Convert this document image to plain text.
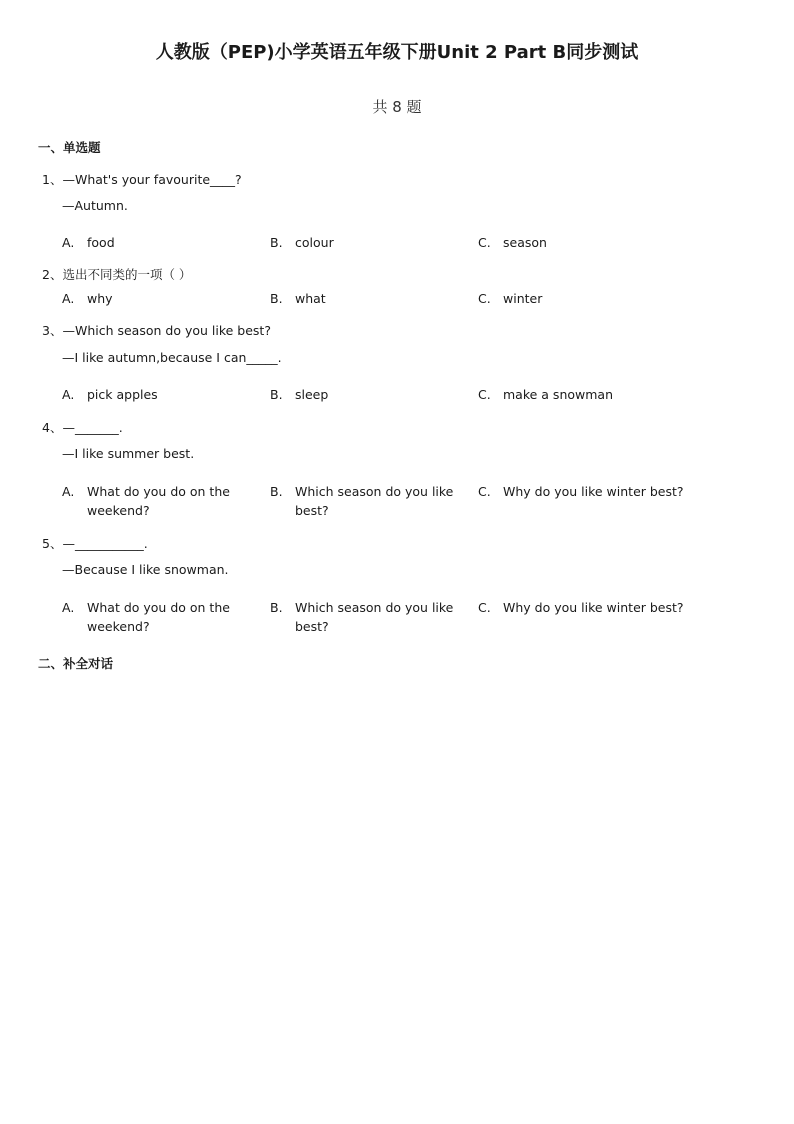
人教版（PEP)小学英语五年级下册Unit 2 Part B同步测试
共 8 题
一、单选题
1、—What's your favourite____?
—Autumn.
A. food	B. colour	C. season
2、选出不同类的一项（ ）
A. why	B. what	C. winter
3、—Which season do you like best?
—I like autumn,because I can_____.
A. pick apples	B. sleep	C. make a snowman
4、—_______.
—I like summer best.
A. What do you do on the weekend?
B. Which season do you like best?
C. Why do you like winter best?
5、—___________.
—Because I like snowman.
A. What do you do on the weekend?
B. Which season do you like best?
C. Why do you like winter best?
二、补全对话
